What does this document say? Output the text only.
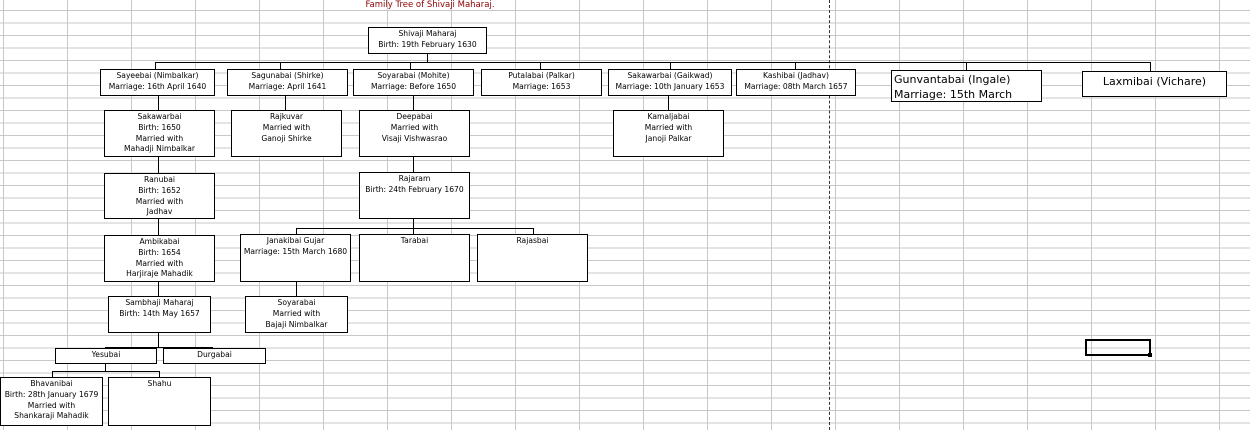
Family Tree of Shivaji Maharaj.
Shivaji Maharaj
Birth: 19th February 1630
Sayeebai (Nimbalkar)
Marriage: 16th April 1640
Sagunabai (Shirke)
Marriage: April 1641
Soyarabai (Mohite)
Marriage: Before 1650
Putalabai (Palkar)
Marriage: 1653
Sakawarbai (Gaikwad)
Marriage: 10th January 1653
Kashibai (Jadhav)
Marriage: 08th March 1657
Gunvantabai (Ingale)
Marriage: 15th March
Laxmibai (Vichare)
Sakawarbai
Birth: 1650
Married with
Mahadji Nimbalkar
Ranubai
Birth: 1652
Married with
Jadhav
Ambikabai
Birth: 1654
Married with
Harjiraje Mahadik
Sambhaji Maharaj
Birth: 14th May 1657
Yesubai	Durgabai
Bhavanibai
Birth: 28th January 1679
Married with
Shankaraji Mahadik
Shahu
Rajkuvar
Married with
Ganoji Shirke
Deepabai
Married with
Visaji Vishwasrao
Rajaram
Birth: 24th February 1670
Janakibai Gujar
Marriage: 15th March 1680
Tarabai	Rajasbai
Soyarabai
Married with
Bajaji Nimbalkar
Kamaljabai
Married with
Janoji Palkar
